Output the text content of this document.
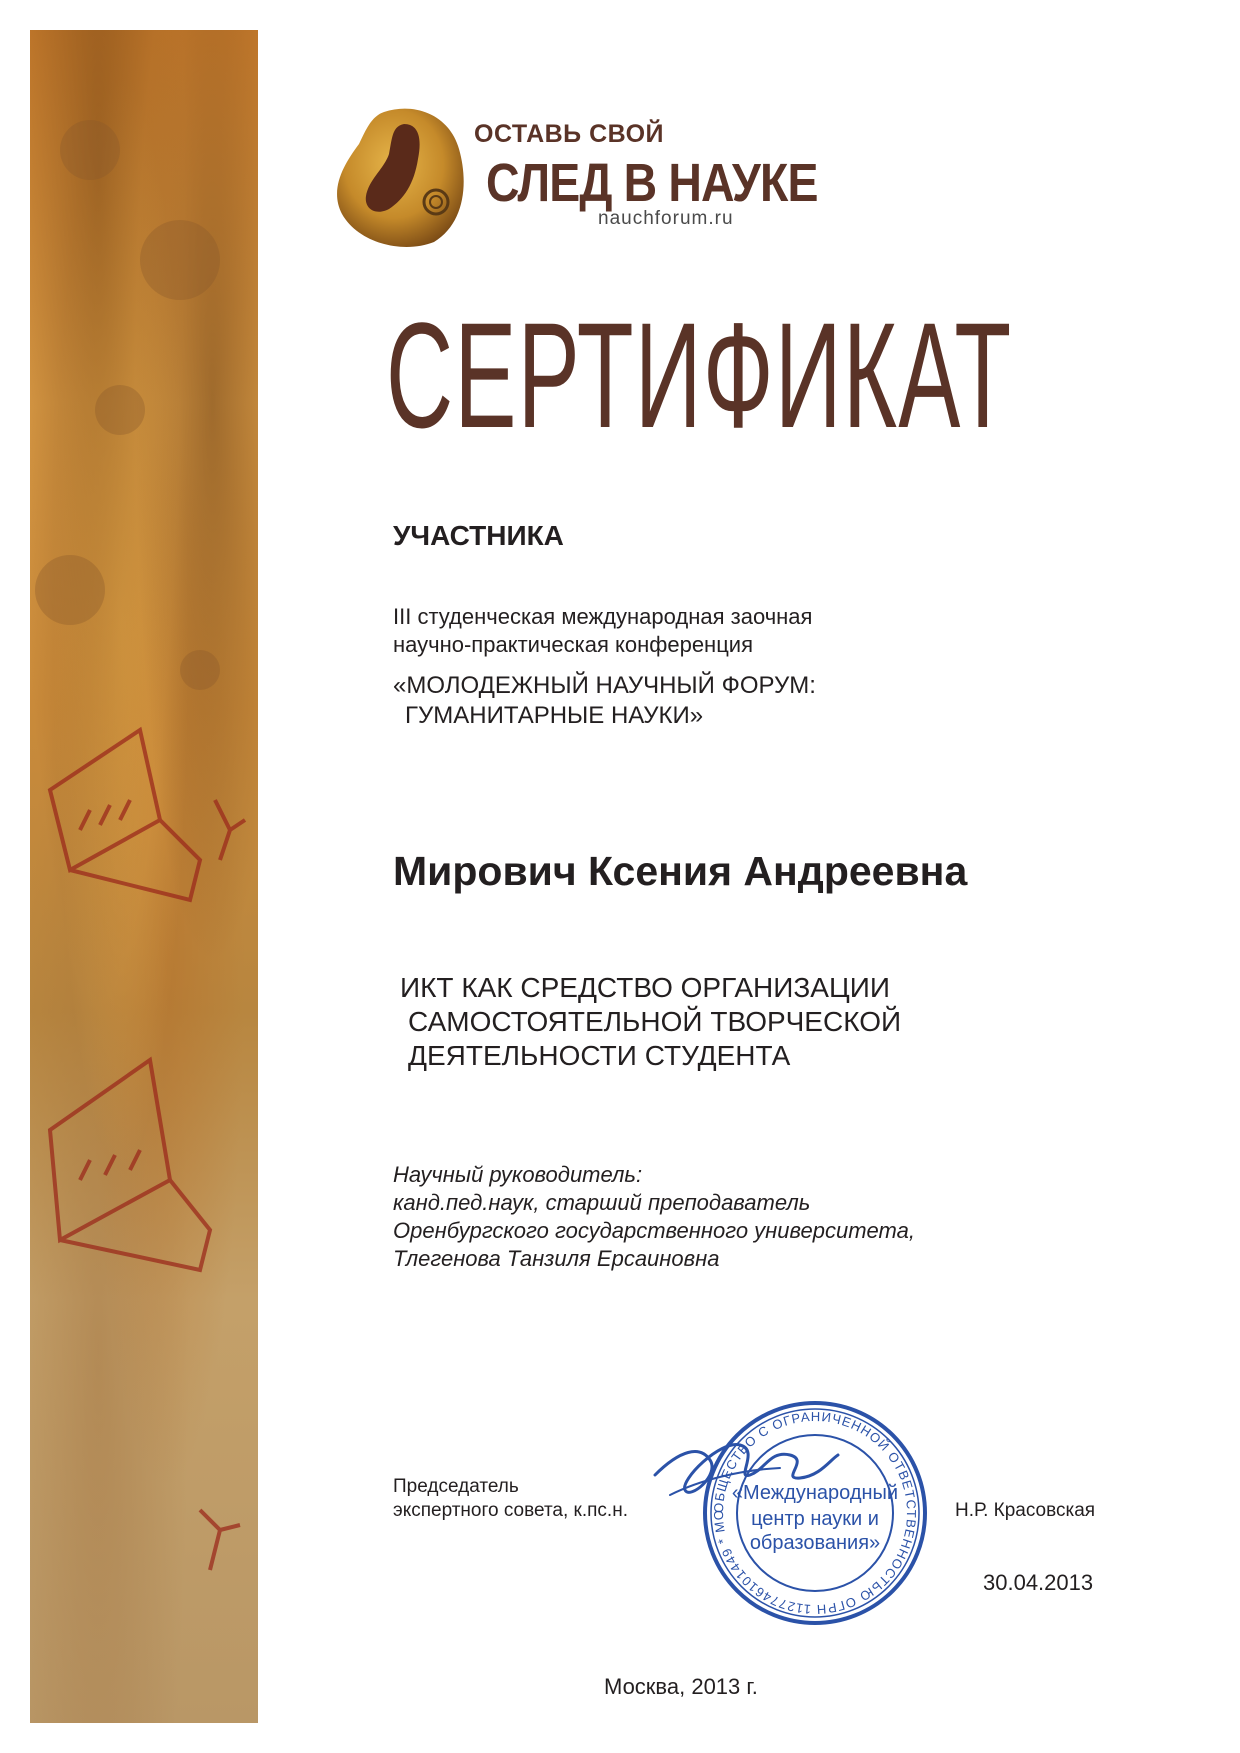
ОСТАВЬ СВОЙ
СЛЕД В НАУКЕ
nauchforum.ru
СЕРТИФИКАТ
УЧАСТНИКА
III студенческая международная заочная
научно-практическая конференция
«МОЛОДЕЖНЫЙ НАУЧНЫЙ ФОРУМ:
ГУМАНИТАРНЫЕ НАУКИ»
Мирович Ксения Андреевна
ИКТ КАК СРЕДСТВО ОРГАНИЗАЦИИ
САМОСТОЯТЕЛЬНОЙ ТВОРЧЕСКОЙ
ДЕЯТЕЛЬНОСТИ СТУДЕНТА
Научный руководитель:
канд.пед.наук, старший преподаватель
Оренбургского государственного университета,
Тлегенова Танзиля Ерсаиновна
Председатель
экспертного совета, к.пс.н.	ОБЩЕСТВО С ОГРАНИЧЕННОЙ ОТВЕТСТВЕННОСТЬЮ ОГРН 1127746101449 * МО
«Международный
центр науки и
образования»
Н.Р. Красовская
30.04.2013
Москва, 2013 г.
